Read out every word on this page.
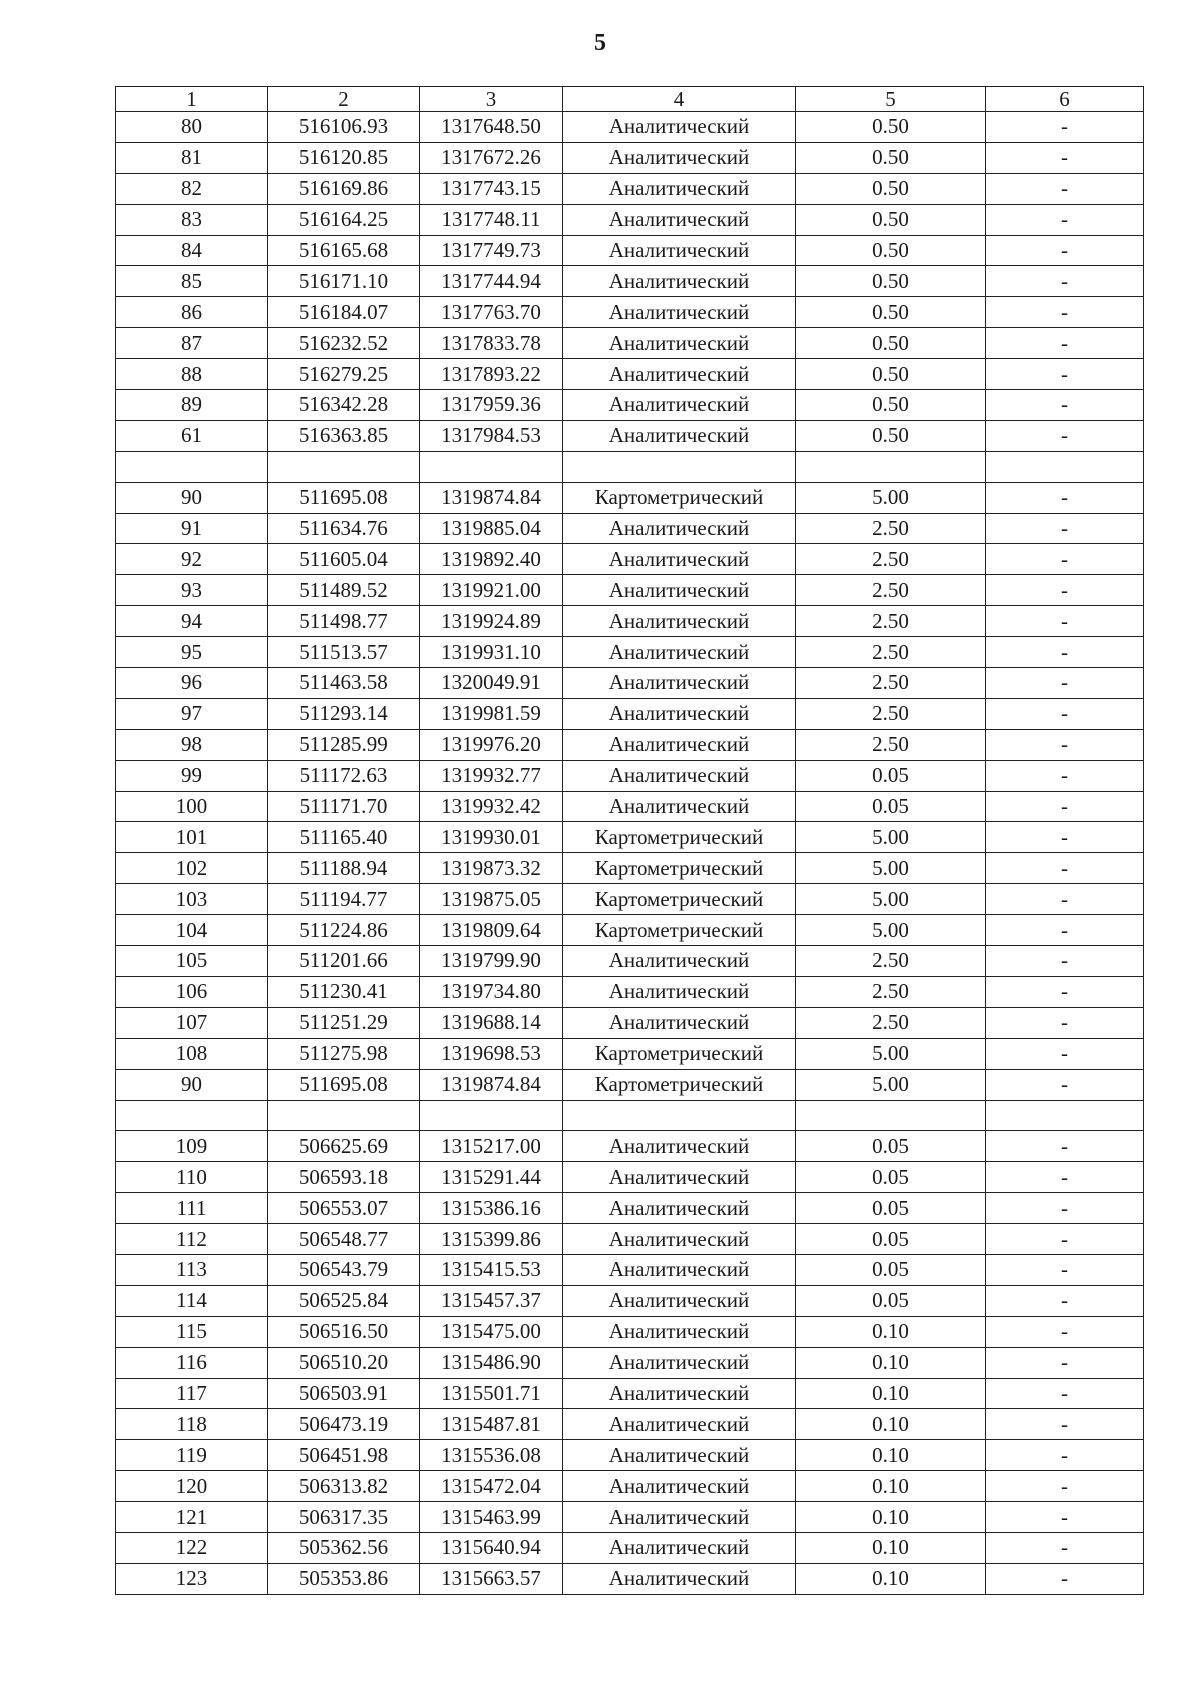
5
1	2	3	4	5	6
80	516106.93	1317648.50	Аналитический	0.50	-
81	516120.85	1317672.26	Аналитический	0.50	-
82	516169.86	1317743.15	Аналитический	0.50	-
83	516164.25	1317748.11	Аналитический	0.50	-
84	516165.68	1317749.73	Аналитический	0.50	-
85	516171.10	1317744.94	Аналитический	0.50	-
86	516184.07	1317763.70	Аналитический	0.50	-
87	516232.52	1317833.78	Аналитический	0.50	-
88	516279.25	1317893.22	Аналитический	0.50	-
89	516342.28	1317959.36	Аналитический	0.50	-
61	516363.85	1317984.53	Аналитический	0.50	-

90	511695.08	1319874.84	Картометрический	5.00	-
91	511634.76	1319885.04	Аналитический	2.50	-
92	511605.04	1319892.40	Аналитический	2.50	-
93	511489.52	1319921.00	Аналитический	2.50	-
94	511498.77	1319924.89	Аналитический	2.50	-
95	511513.57	1319931.10	Аналитический	2.50	-
96	511463.58	1320049.91	Аналитический	2.50	-
97	511293.14	1319981.59	Аналитический	2.50	-
98	511285.99	1319976.20	Аналитический	2.50	-
99	511172.63	1319932.77	Аналитический	0.05	-
100	511171.70	1319932.42	Аналитический	0.05	-
101	511165.40	1319930.01	Картометрический	5.00	-
102	511188.94	1319873.32	Картометрический	5.00	-
103	511194.77	1319875.05	Картометрический	5.00	-
104	511224.86	1319809.64	Картометрический	5.00	-
105	511201.66	1319799.90	Аналитический	2.50	-
106	511230.41	1319734.80	Аналитический	2.50	-
107	511251.29	1319688.14	Аналитический	2.50	-
108	511275.98	1319698.53	Картометрический	5.00	-
90	511695.08	1319874.84	Картометрический	5.00	-

109	506625.69	1315217.00	Аналитический	0.05	-
110	506593.18	1315291.44	Аналитический	0.05	-
111	506553.07	1315386.16	Аналитический	0.05	-
112	506548.77	1315399.86	Аналитический	0.05	-
113	506543.79	1315415.53	Аналитический	0.05	-
114	506525.84	1315457.37	Аналитический	0.05	-
115	506516.50	1315475.00	Аналитический	0.10	-
116	506510.20	1315486.90	Аналитический	0.10	-
117	506503.91	1315501.71	Аналитический	0.10	-
118	506473.19	1315487.81	Аналитический	0.10	-
119	506451.98	1315536.08	Аналитический	0.10	-
120	506313.82	1315472.04	Аналитический	0.10	-
121	506317.35	1315463.99	Аналитический	0.10	-
122	505362.56	1315640.94	Аналитический	0.10	-
123	505353.86	1315663.57	Аналитический	0.10	-
